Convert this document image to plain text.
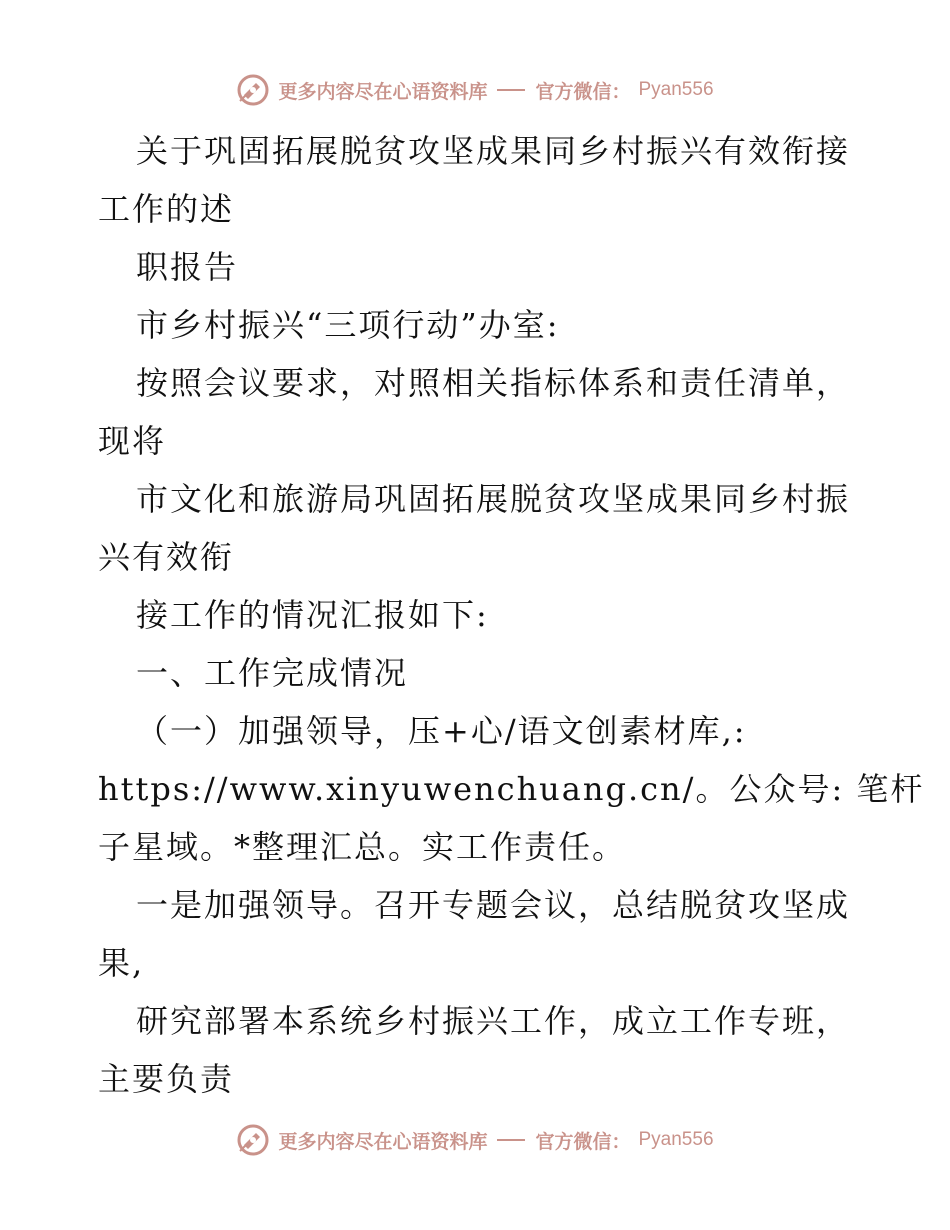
更多内容尽在心语资料库	官方微信： Pyan556
关于巩固拓展脱贫攻坚成果同乡村振兴有效衔接
工作的述
职报告
市乡村振兴“三项行动”办室:
按照会议要求，对照相关指标体系和责任清单，
现将
市文化和旅游局巩固拓展脱贫攻坚成果同乡村振
兴有效衔
接工作的情况汇报如下:
一、工作完成情况
（一）加强领导，压+心/语文创素材库,:
https://www.xinyuwenchuang.cn/。公众号: 笔杆
子星域。*整理汇总。实工作责任。
一是加强领导。召开专题会议，总结脱贫攻坚成
果,
研究部署本系统乡村振兴工作，成立工作专班，
主要负责
更多内容尽在心语资料库	官方微信： Pyan556
